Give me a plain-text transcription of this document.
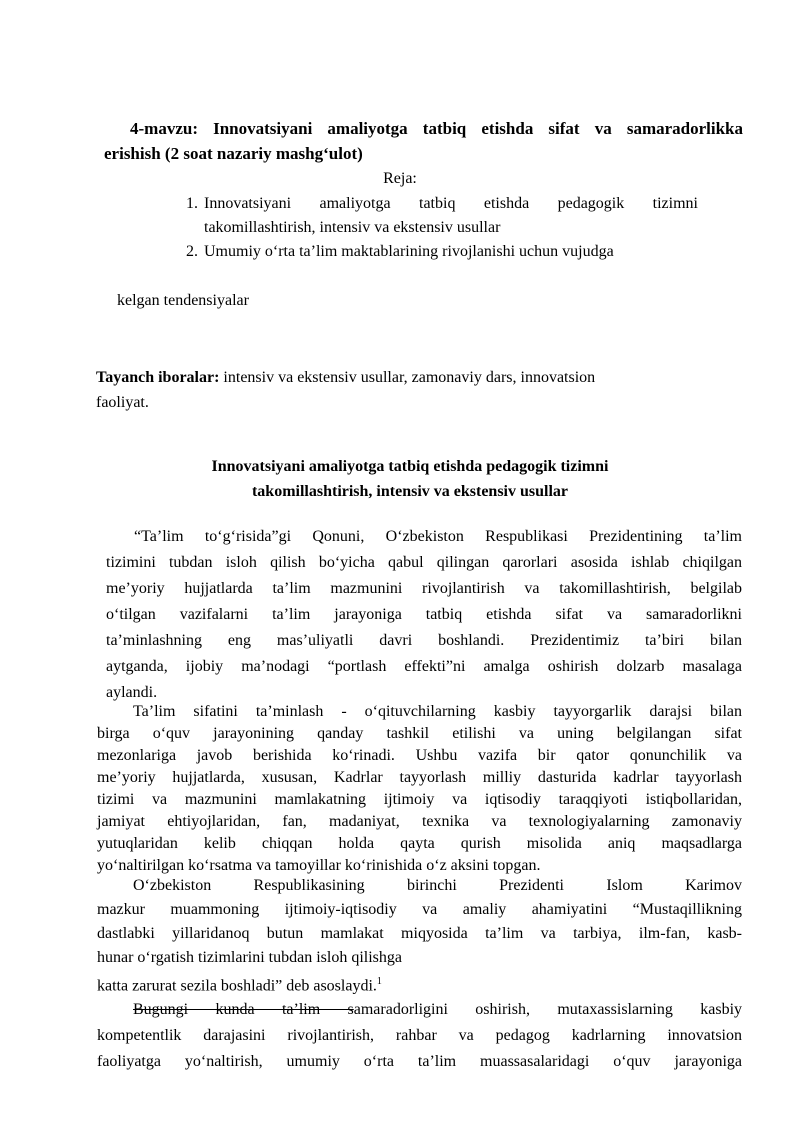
4-mavzu: Innovatsiyani amaliyotga tatbiq etishda sifat va samaradorlikka
erishish (2 soat nazariy mashg‘ulot)
Reja:
1. Innovatsiyani amaliyotga tatbiq etishda pedagogik tizimni
takomillashtirish, intensiv va ekstensiv usullar
2. Umumiy o‘rta ta’lim maktablarining rivojlanishi uchun vujudga
kelgan tendensiyalar
Tayanch iboralar: intensiv va ekstensiv usullar, zamonaviy dars, innovatsion
faoliyat.
Innovatsiyani amaliyotga tatbiq etishda pedagogik tizimni
takomillashtirish, intensiv va ekstensiv usullar
“Ta’lim to‘g‘risida”gi Qonuni, O‘zbekiston Respublikasi Prezidentining ta’lim
tizimini tubdan isloh qilish bo‘yicha qabul qilingan qarorlari asosida ishlab chiqilgan
me’yoriy hujjatlarda ta’lim mazmunini rivojlantirish va takomillashtirish, belgilab
o‘tilgan vazifalarni ta’lim jarayoniga tatbiq etishda sifat va samaradorlikni
ta’minlashning eng mas’uliyatli davri boshlandi. Prezidentimiz ta’biri bilan
aytganda, ijobiy ma’nodagi “portlash effekti”ni amalga oshirish dolzarb masalaga
aylandi.
Ta’lim sifatini ta’minlash - o‘qituvchilarning kasbiy tayyorgarlik darajsi bilan
birga o‘quv jarayonining qanday tashkil etilishi va uning belgilangan sifat
mezonlariga javob berishida ko‘rinadi. Ushbu vazifa bir qator qonunchilik va
me’yoriy hujjatlarda, xususan, Kadrlar tayyorlash milliy dasturida kadrlar tayyorlash
tizimi va mazmunini mamlakatning ijtimoiy va iqtisodiy taraqqiyoti istiqbollaridan,
jamiyat ehtiyojlaridan, fan, madaniyat, texnika va texnologiyalarning zamonaviy
yutuqlaridan kelib chiqqan holda qayta qurish misolida aniq maqsadlarga
yo‘naltirilgan ko‘rsatma va tamoyillar ko‘rinishida o‘z aksini topgan.
O‘zbekiston Respublikasining birinchi Prezidenti Islom Karimov
mazkur muammoning ijtimoiy-iqtisodiy va amaliy ahamiyatini “Mustaqillikning
dastlabki yillaridanoq butun mamlakat miqyosida ta’lim va tarbiya, ilm-fan, kasb-
hunar o‘rgatish tizimlarini tubdan isloh qilishga
katta zarurat sezila boshladi” deb asoslaydi.$^1$
Bugungi kunda ta’lim samaradorligini oshirish, mutaxassislarning kasbiy
kompetentlik darajasini rivojlantirish, rahbar va pedagog kadrlarning innovatsion
faoliyatga yo‘naltirish, umumiy o‘rta ta’lim muassasalaridagi o‘quv jarayoniga
